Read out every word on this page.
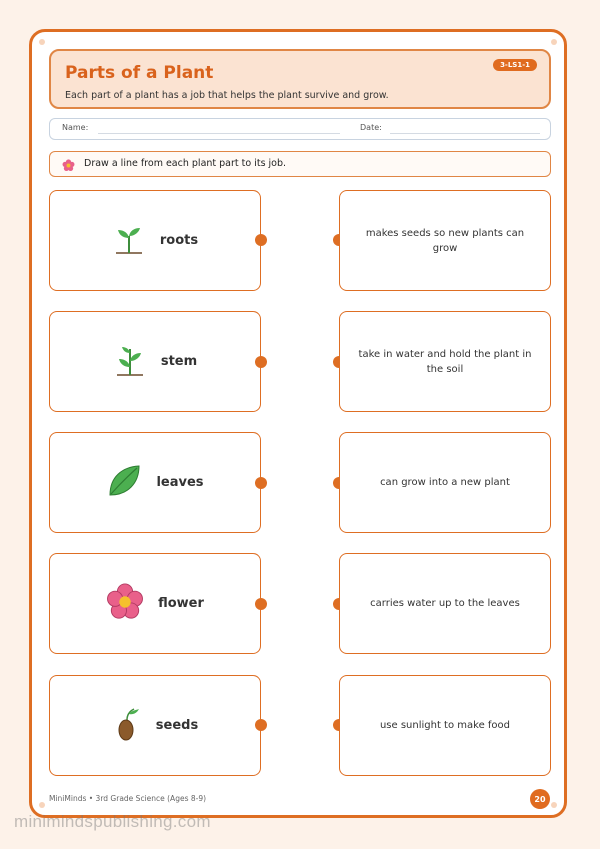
Parts of a Plant
Each part of a plant has a job that helps the plant survive and grow.
3-LS1-1
Name:	Date:
Draw a line from each plant part to its job.
roots	makes seeds so new plants can grow
stem	take in water and hold the plant in the soil
leaves	can grow into a new plant
flower	carries water up to the leaves
seeds	use sunlight to make food
MiniMinds • 3rd Grade Science (Ages 8-9)	20
minimindspublishing.com
